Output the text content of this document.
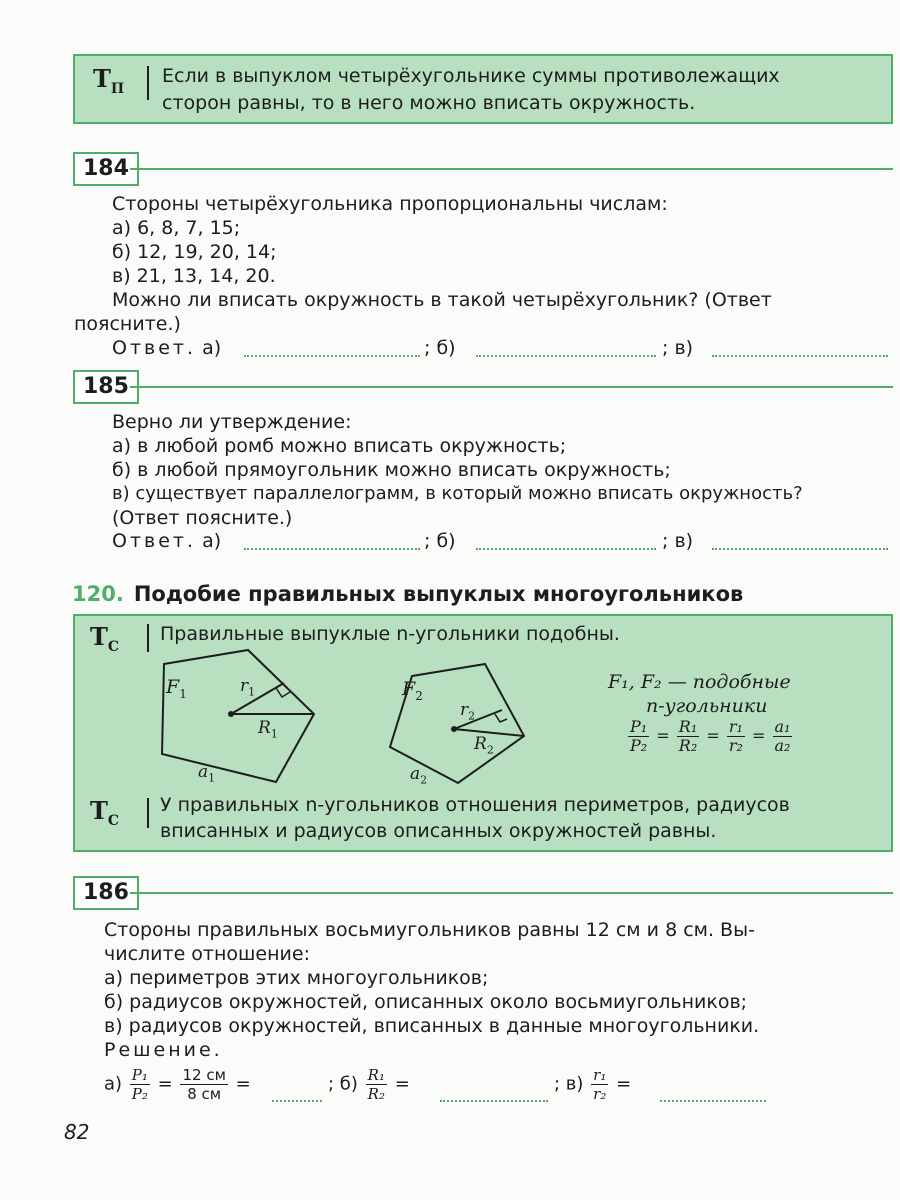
$T_П$
Если в выпуклом четырёхугольнике суммы противолежащих
сторон равны, то в него можно вписать окружность.
184
Стороны четырёхугольника пропорциональны числам:
а) 6, 8, 7, 15;
б) 12, 19, 20, 14;
в) 21, 13, 14, 20.
Можно ли вписать окружность в такой четырёхугольник? (Ответ
поясните.)
Ответ. а)	; б)	; в)
185
Верно ли утверждение:
а) в любой ромб можно вписать окружность;
б) в любой прямоугольник можно вписать окружность;
в) существует параллелограмм, в который можно вписать окружность?
(Ответ поясните.)
Ответ. а)	; б)	; в)
120. Подобие правильных выпуклых многоугольников
$T_C$
Правильные выпуклые n-угольники подобны.
$F_1$	$r_1$
$R_1$
$a_1$
$F_2$
$r_2$
$R_2$
$a_2$
F₁, F₂ — подобные
n-угольники
$\frac{\text{P₁}}{\text{P₂}} = \frac{\text{R₁}}{\text{R₂}} = \frac{\text{r₁}}{\text{r₂}} = \frac{\text{a₁}}{\text{a₂}}$
$T_C$
У правильных n-угольников отношения периметров, радиусов
вписанных и радиусов описанных окружностей равны.
186
Стороны правильных восьмиугольников равны 12 см и 8 см. Вы-
числите отношение:
а) периметров этих многоугольников;
б) радиусов окружностей, описанных около восьмиугольников;
в) радиусов окружностей, вписанных в данные многоугольники.
Решение.
$а) \frac{\text{P₁}}{\text{P₂}} = \frac{12 см}{8 см}$ =	; $б) \frac{\text{R₁}}{\text{R₂}}$ =	; $в) \frac{\text{r₁}}{\text{r₂}}$ =
82
